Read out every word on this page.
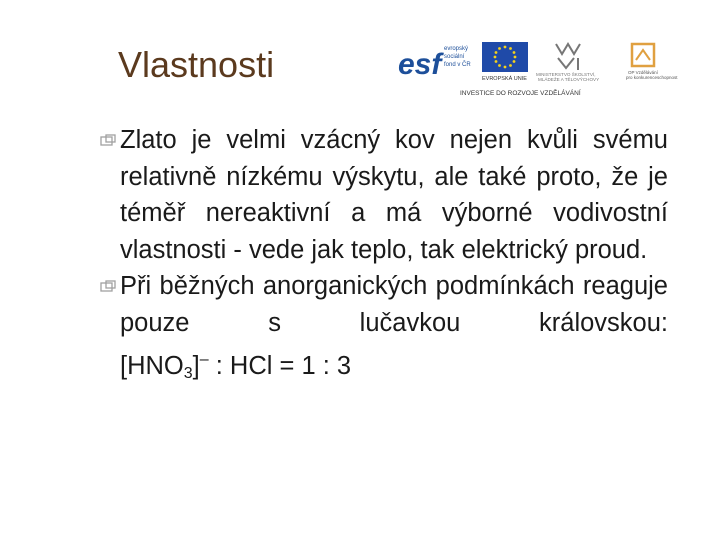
Vlastnosti	esf evropský
sociální
fond v ČR
EVROPSKÁ UNIE
MINISTERSTVO ŠKOLSTVÍ,
MLÁDEŽE A TĚLOVÝCHOVY
OP Vzdělávání
pro konkurenceschopnost
INVESTICE DO ROZVOJE VZDĚLÁVÁNÍ
Zlato je velmi vzácný kov nejen kvůli svému relativně nízkému výskytu, ale také proto, že je téměř nereaktivní a má výborné vodivostní vlastnosti - vede jak teplo, tak elektrický proud.
Při běžných anorganických podmínkách reaguje pouze s lučavkou královskou: $[HNO_3]^-$ : HCl = 1 : 3
